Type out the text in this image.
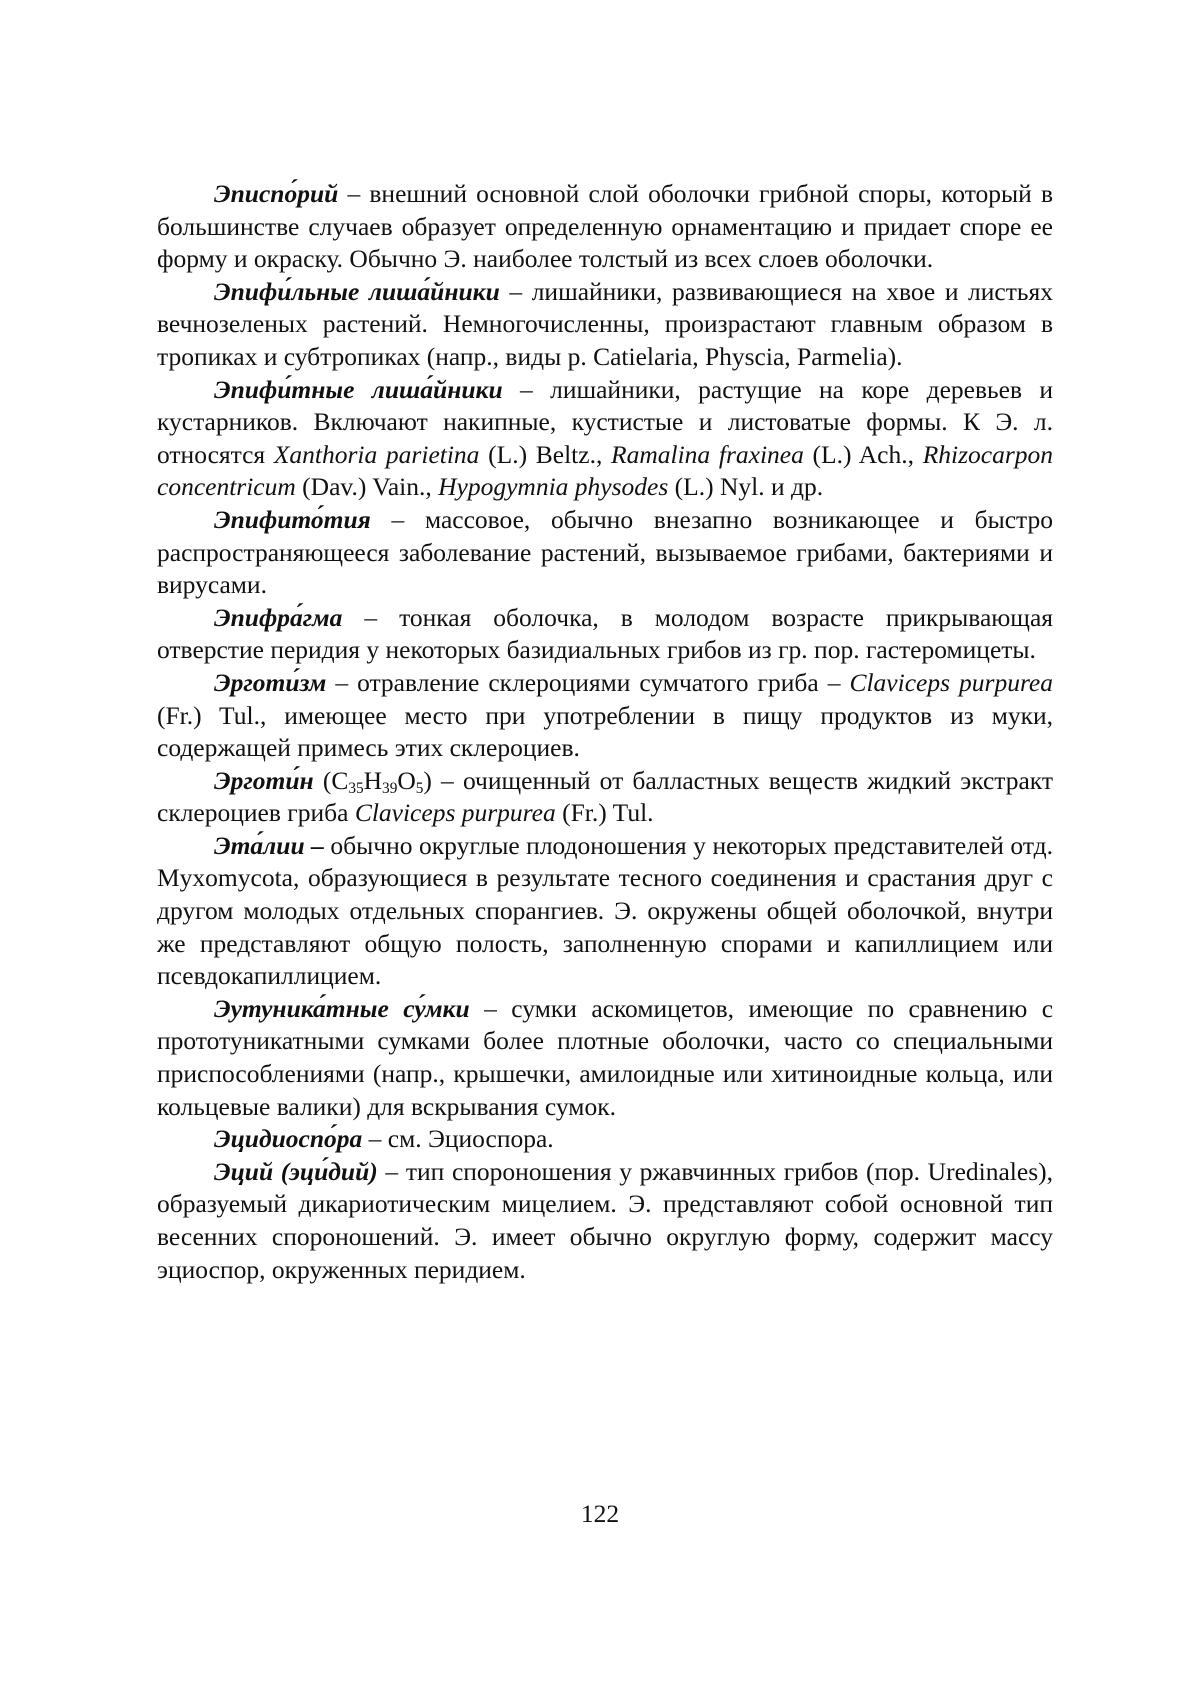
Эписпо́рий – внешний основной слой оболочки грибной споры, который в большинстве случаев образует определенную орнаментацию и придает споре ее форму и окраску. Обычно Э. наиболее толстый из всех слоев оболочки.

Эпифи́льные лиша́йники – лишайники, развивающиеся на хвое и листьях вечнозеленых растений. Немногочисленны, произрастают главным образом в тропиках и субтропиках (напр., виды р. Catielaria, Physcia, Parmelia).

Эпифи́тные лиша́йники – лишайники, растущие на коре деревьев и кустарников. Включают накипные, кустистые и листоватые формы. К Э. л. относятся Xanthoria parietina (L.) Beltz., Ramalina fraxinea (L.) Ach., Rhizocarpon concentricum (Dav.) Vain., Hypogymnia physodes (L.) Nyl. и др.

Эпифито́тия – массовое, обычно внезапно возникающее и быстро распространяющееся заболевание растений, вызываемое грибами, бактериями и вирусами.

Эпифра́гма – тонкая оболочка, в молодом возрасте прикрывающая отверстие перидия у некоторых базидиальных грибов из гр. пор. гастеромицеты.

Эрготи́зм – отравление склероциями сумчатого гриба – Claviceps purpurea (Fr.) Tul., имеющее место при употреблении в пищу продуктов из муки, содержащей примесь этих склероциев.

Эрготи́н $(C_{35}H_{39}O_5)$ – очищенный от балластных веществ жидкий экстракт склероциев гриба Claviceps purpurea (Fr.) Tul.

Эта́лии – обычно округлые плодоношения у некоторых представителей отд. Myxomycota, образующиеся в результате тесного соединения и срастания друг с другом молодых отдельных спорангиев. Э. окружены общей оболочкой, внутри же представляют общую полость, заполненную спорами и капиллицием или псевдокапиллицием.

Эутуника́тные су́мки – сумки аскомицетов, имеющие по сравнению с прототуникатными сумками более плотные оболочки, часто со специальными приспособлениями (напр., крышечки, амилоидные или хитиноидные кольца, или кольцевые валики) для вскрывания сумок.

Эцидиоспо́ра – см. Эциоспора.

Эций (эци́дий) – тип спороношения у ржавчинных грибов (пор. Uredinales), образуемый дикариотическим мицелием. Э. представляют собой основной тип весенних спороношений. Э. имеет обычно округлую форму, содержит массу эциоспор, окруженных перидием.

122
